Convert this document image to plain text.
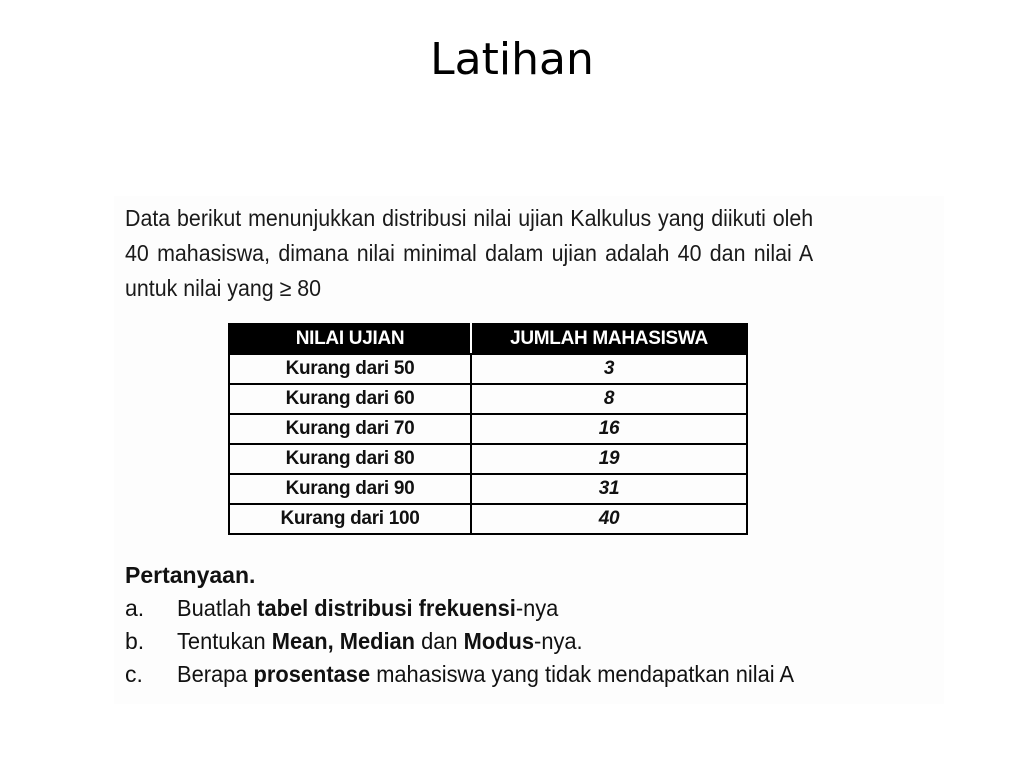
Latihan

Data berikut menunjukkan distribusi nilai ujian Kalkulus yang diikuti oleh 40 mahasiswa, dimana nilai minimal dalam ujian adalah 40 dan nilai A untuk nilai yang ≥ 80

NILAI UJIAN	JUMLAH MAHASISWA
Kurang dari 50	3
Kurang dari 60	8
Kurang dari 70	16
Kurang dari 80	19
Kurang dari 90	31
Kurang dari 100	40
Pertanyaan.
a. Buatlah tabel distribusi frekuensi-nya
b. Tentukan Mean, Median dan Modus-nya.
c. Berapa prosentase mahasiswa yang tidak mendapatkan nilai A
